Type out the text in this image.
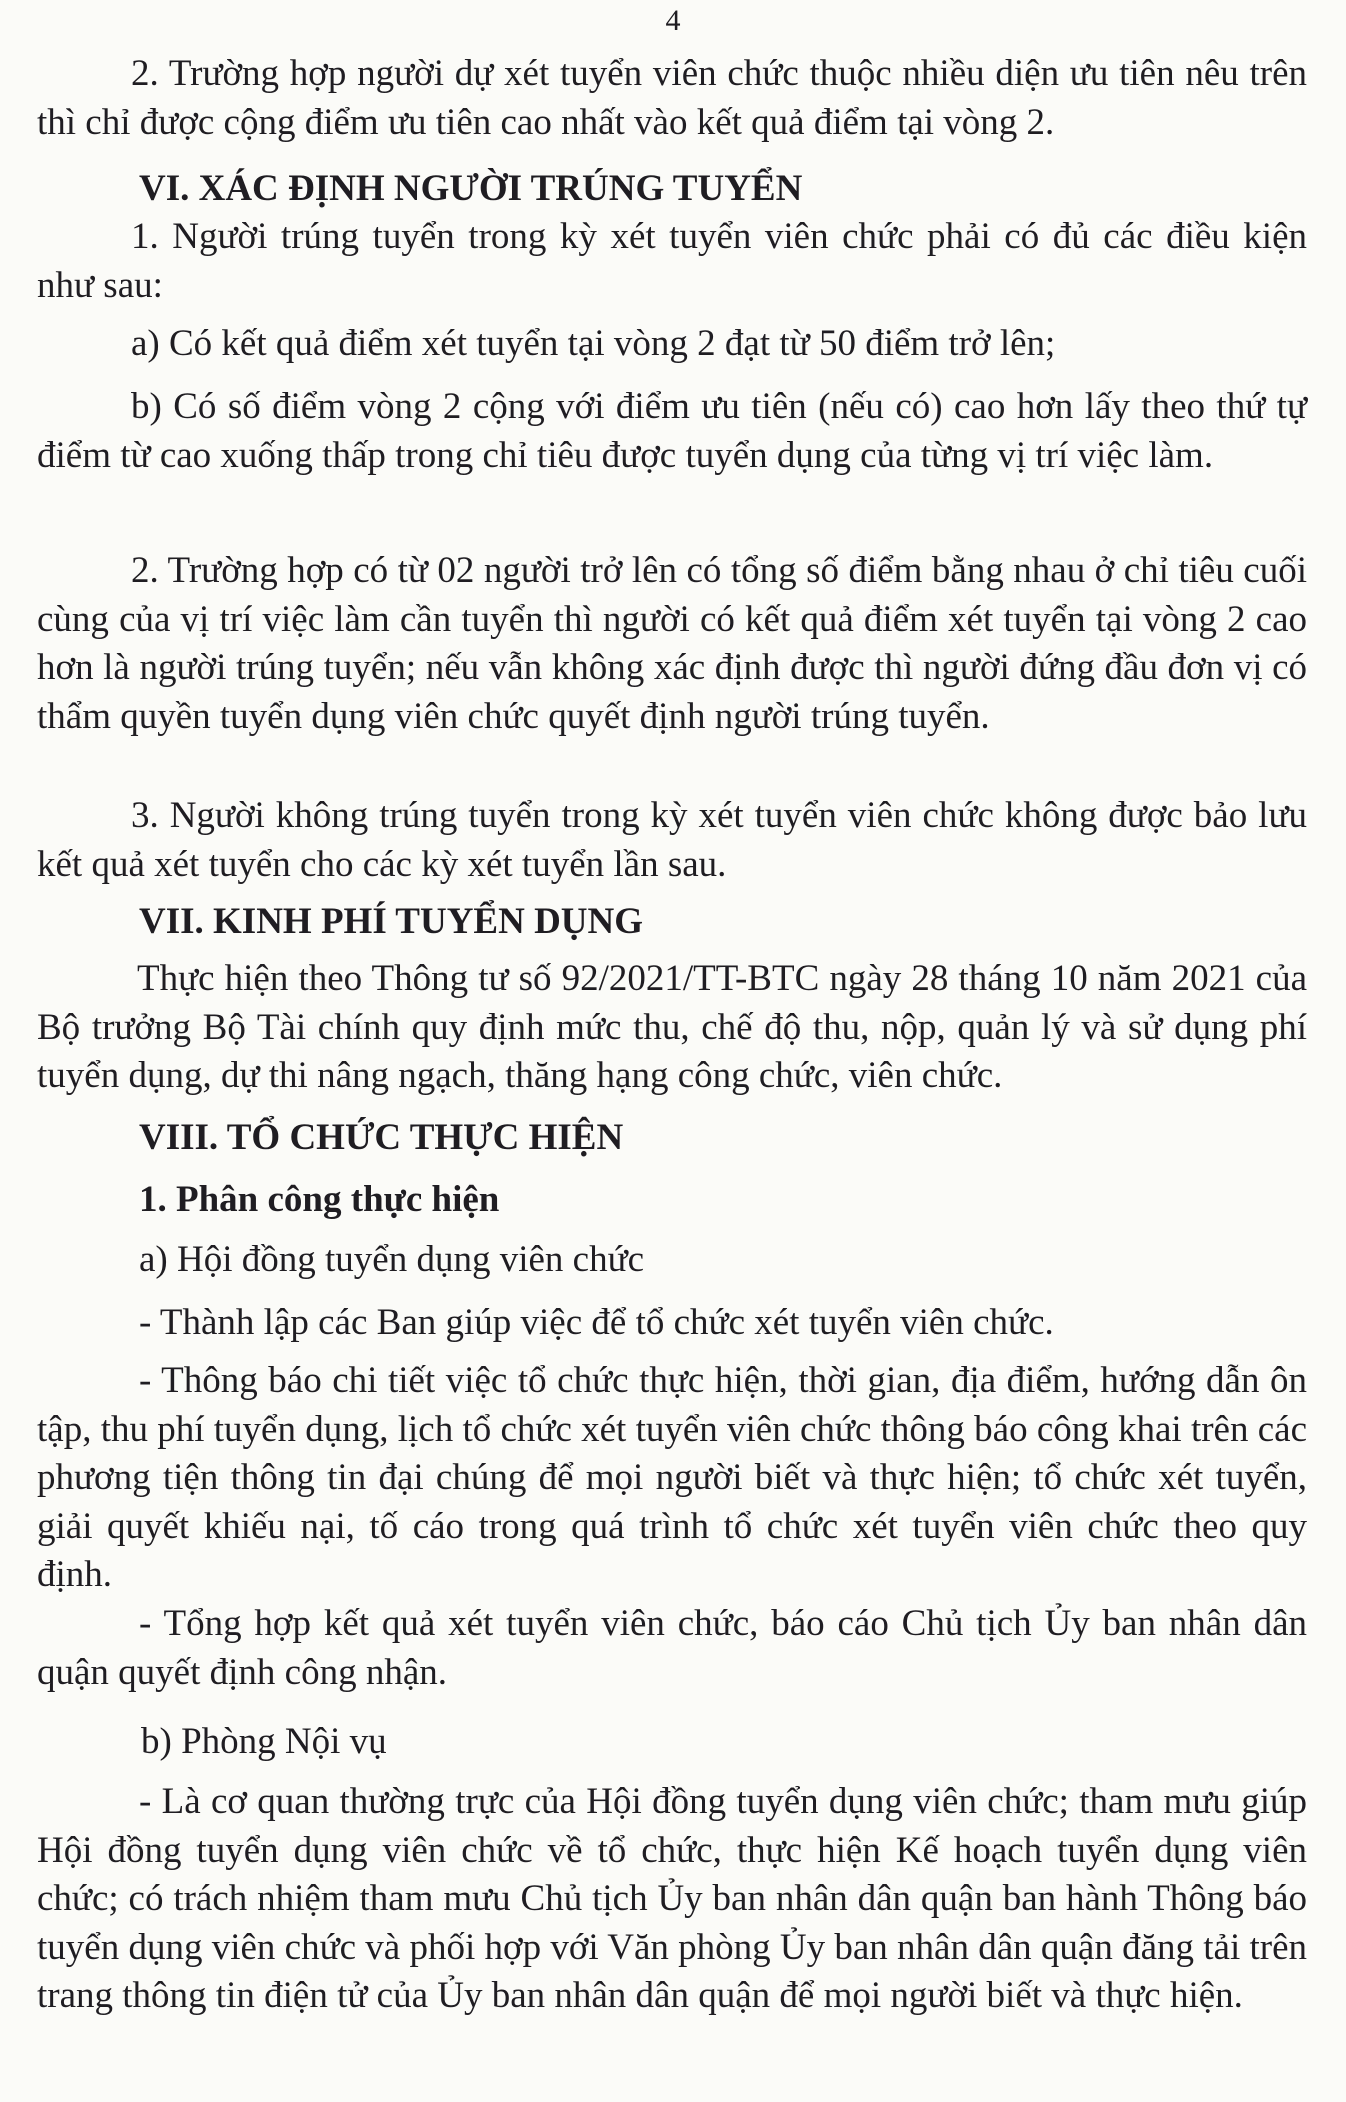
4
2. Trường hợp người dự xét tuyển viên chức thuộc nhiều diện ưu tiên nêu trên thì chỉ được cộng điểm ưu tiên cao nhất vào kết quả điểm tại vòng 2.
VI. XÁC ĐỊNH NGƯỜI TRÚNG TUYỂN
1. Người trúng tuyển trong kỳ xét tuyển viên chức phải có đủ các điều kiện như sau:
a) Có kết quả điểm xét tuyển tại vòng 2 đạt từ 50 điểm trở lên;
b) Có số điểm vòng 2 cộng với điểm ưu tiên (nếu có) cao hơn lấy theo thứ tự điểm từ cao xuống thấp trong chỉ tiêu được tuyển dụng của từng vị trí việc làm.
2. Trường hợp có từ 02 người trở lên có tổng số điểm bằng nhau ở chỉ tiêu cuối cùng của vị trí việc làm cần tuyển thì người có kết quả điểm xét tuyển tại vòng 2 cao hơn là người trúng tuyển; nếu vẫn không xác định được thì người đứng đầu đơn vị có thẩm quyền tuyển dụng viên chức quyết định người trúng tuyển.
3. Người không trúng tuyển trong kỳ xét tuyển viên chức không được bảo lưu kết quả xét tuyển cho các kỳ xét tuyển lần sau.
VII. KINH PHÍ TUYỂN DỤNG
Thực hiện theo Thông tư số 92/2021/TT-BTC ngày 28 tháng 10 năm 2021 của Bộ trưởng Bộ Tài chính quy định mức thu, chế độ thu, nộp, quản lý và sử dụng phí tuyển dụng, dự thi nâng ngạch, thăng hạng công chức, viên chức.
VIII. TỔ CHỨC THỰC HIỆN
1. Phân công thực hiện
a) Hội đồng tuyển dụng viên chức
- Thành lập các Ban giúp việc để tổ chức xét tuyển viên chức.
- Thông báo chi tiết việc tổ chức thực hiện, thời gian, địa điểm, hướng dẫn ôn tập, thu phí tuyển dụng, lịch tổ chức xét tuyển viên chức thông báo công khai trên các phương tiện thông tin đại chúng để mọi người biết và thực hiện; tổ chức xét tuyển, giải quyết khiếu nại, tố cáo trong quá trình tổ chức xét tuyển viên chức theo quy định.
- Tổng hợp kết quả xét tuyển viên chức, báo cáo Chủ tịch Ủy ban nhân dân quận quyết định công nhận.
b) Phòng Nội vụ
- Là cơ quan thường trực của Hội đồng tuyển dụng viên chức; tham mưu giúp Hội đồng tuyển dụng viên chức về tổ chức, thực hiện Kế hoạch tuyển dụng viên chức; có trách nhiệm tham mưu Chủ tịch Ủy ban nhân dân quận ban hành Thông báo tuyển dụng viên chức và phối hợp với Văn phòng Ủy ban nhân dân quận đăng tải trên trang thông tin điện tử của Ủy ban nhân dân quận để mọi người biết và thực hiện.
